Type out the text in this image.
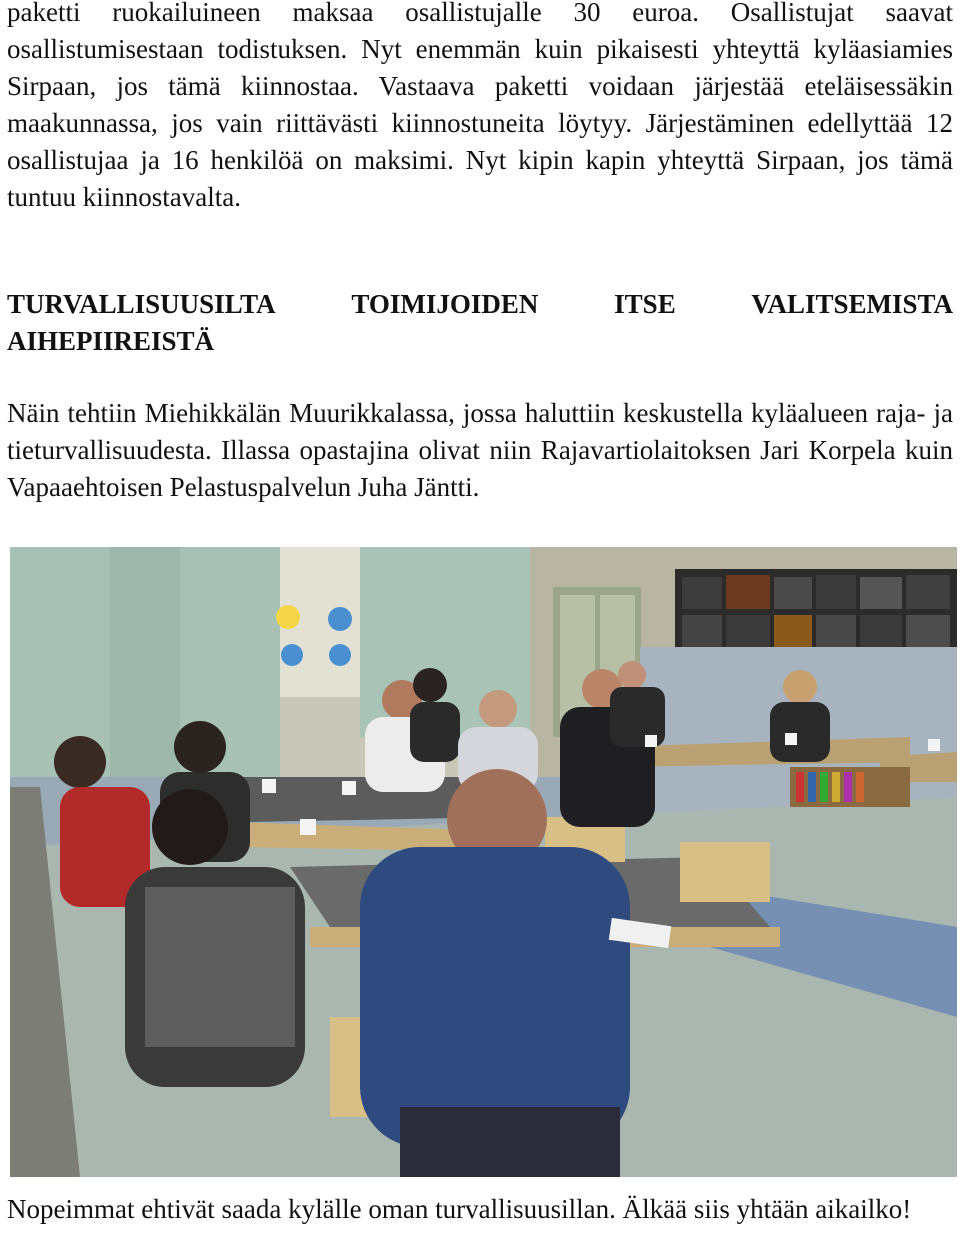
paketti ruokailuineen maksaa osallistujalle 30 euroa. Osallistujat saavat osallistumisestaan todistuksen. Nyt enemmän kuin pikaisesti yhteyttä kyläasiamies Sirpaan, jos tämä kiinnostaa. Vastaava paketti voidaan järjestää eteläisessäkin maakunnassa, jos vain riittävästi kiinnostuneita löytyy. Järjestäminen edellyttää 12 osallistujaa ja 16 henkilöä on maksimi. Nyt kipin kapin yhteyttä Sirpaan, jos tämä tuntuu kiinnostavalta.

TURVALLISUUSILTA	TOIMIJOIDEN	ITSE	VALITSEMISTA
AIHEPIIREISTÄ

Näin tehtiin Miehikkälän Muurikkalassa, jossa haluttiin keskustella kyläalueen raja- ja tieturvallisuudesta. Illassa opastajina olivat niin Rajavartiolaitoksen Jari Korpela kuin Vapaaehtoisen Pelastuspalvelun Juha Jäntti.

Nopeimmat ehtivät saada kylälle oman turvallisuusillan. Älkää siis yhtään aikailko!
